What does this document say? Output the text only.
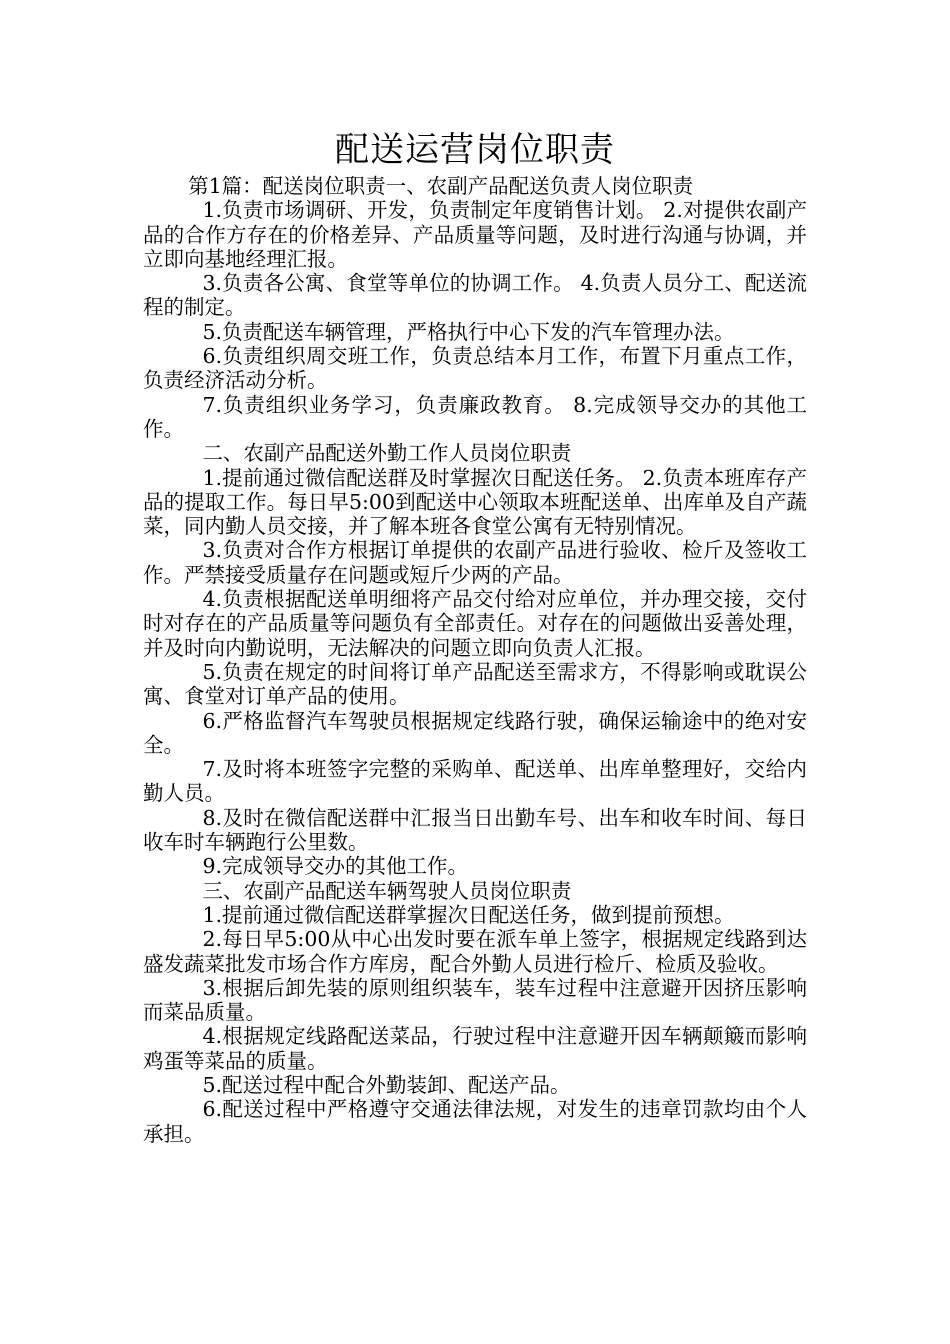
配送运营岗位职责

第1篇：配送岗位职责一、农副产品配送负责人岗位职责

1.负责市场调研、开发，负责制定年度销售计划。 2.对提供农副产品的合作方存在的价格差异、产品质量等问题，及时进行沟通与协调，并立即向基地经理汇报。

3.负责各公寓、食堂等单位的协调工作。 4.负责人员分工、配送流程的制定。

5.负责配送车辆管理，严格执行中心下发的汽车管理办法。

6.负责组织周交班工作，负责总结本月工作，布置下月重点工作，负责经济活动分析。

7.负责组织业务学习，负责廉政教育。 8.完成领导交办的其他工作。

二、农副产品配送外勤工作人员岗位职责

1.提前通过微信配送群及时掌握次日配送任务。 2.负责本班库存产品的提取工作。每日早5:00到配送中心领取本班配送单、出库单及自产蔬菜，同内勤人员交接，并了解本班各食堂公寓有无特别情况。

3.负责对合作方根据订单提供的农副产品进行验收、检斤及签收工作。严禁接受质量存在问题或短斤少两的产品。

4.负责根据配送单明细将产品交付给对应单位，并办理交接，交付时对存在的产品质量等问题负有全部责任。对存在的问题做出妥善处理，并及时向内勤说明，无法解决的问题立即向负责人汇报。

5.负责在规定的时间将订单产品配送至需求方，不得影响或耽误公寓、食堂对订单产品的使用。

6.严格监督汽车驾驶员根据规定线路行驶，确保运输途中的绝对安全。

7.及时将本班签字完整的采购单、配送单、出库单整理好，交给内勤人员。

8.及时在微信配送群中汇报当日出勤车号、出车和收车时间、每日收车时车辆跑行公里数。

9.完成领导交办的其他工作。

三、农副产品配送车辆驾驶人员岗位职责

1.提前通过微信配送群掌握次日配送任务，做到提前预想。

2.每日早5:00从中心出发时要在派车单上签字，根据规定线路到达盛发蔬菜批发市场合作方库房，配合外勤人员进行检斤、检质及验收。

3.根据后卸先装的原则组织装车，装车过程中注意避开因挤压影响而菜品质量。

4.根据规定线路配送菜品，行驶过程中注意避开因车辆颠簸而影响鸡蛋等菜品的质量。

5.配送过程中配合外勤装卸、配送产品。

6.配送过程中严格遵守交通法律法规，对发生的违章罚款均由个人承担。
